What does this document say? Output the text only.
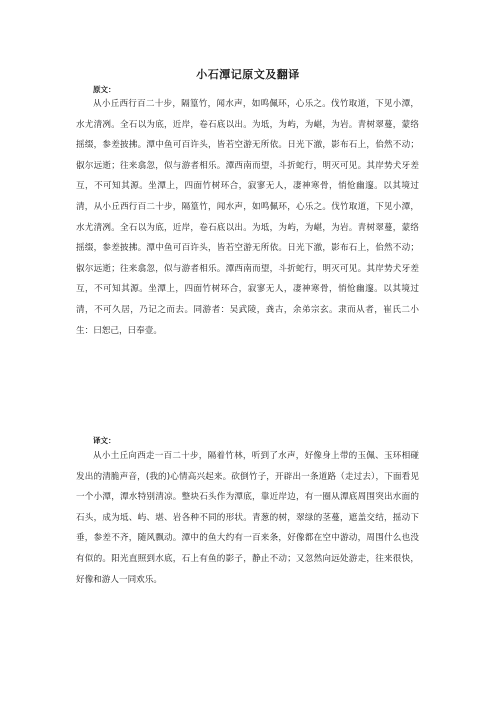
小石潭记原文及翻译
原文：

从小丘西行百二十步，隔篁竹，闻水声，如鸣佩环，心乐之。伐竹取道，下见小潭，水尤清冽。全石以为底，近岸，卷石底以出。为坻，为屿，为嵁，为岩。青树翠蔓，蒙络摇缀，参差披拂。潭中鱼可百许头，皆若空游无所依。日光下澈，影布石上，佁然不动；俶尔远逝；往来翕忽，似与游者相乐。潭西南而望，斗折蛇行，明灭可见。其岸势犬牙差互，不可知其源。坐潭上，四面竹树环合，寂寥无人，凄神寒骨，悄怆幽邃。以其境过清，从小丘西行百二十步，隔篁竹，闻水声，如鸣佩环，心乐之。伐竹取道，下见小潭，水尤清冽。全石以为底，近岸，卷石底以出。为坻，为屿，为嵁，为岩。青树翠蔓，蒙络摇缀，参差披拂。潭中鱼可百许头，皆若空游无所依。日光下澈，影布石上，佁然不动；俶尔远逝；往来翕忽，似与游者相乐。潭西南而望，斗折蛇行，明灭可见。其岸势犬牙差互，不可知其源。坐潭上，四面竹树环合，寂寥无人，凄神寒骨，悄怆幽邃。以其境过清，不可久居，乃记之而去。同游者：吴武陵，龚古，余弟宗玄。隶而从者，崔氏二小生：曰恕己，曰奉壹。

译文：

从小土丘向西走一百二十步，隔着竹林，听到了水声，好像身上带的玉佩、玉环相碰发出的清脆声音，(我的)心情高兴起来。砍倒竹子，开辟出一条道路（走过去），下面看见一个小潭，潭水特别清凉。整块石头作为潭底，靠近岸边，有一圈从潭底周围突出水面的石头，成为坻、屿、堪、岩各种不同的形状。青葱的树，翠绿的茎蔓，遮盖交结，摇动下垂，参差不齐，随风飘动。潭中的鱼大约有一百来条，好像都在空中游动，周围什么也没有似的。阳光直照到水底，石上有鱼的影子，静止不动；又忽然向远处游走，往来很快，好像和游人一同欢乐。
